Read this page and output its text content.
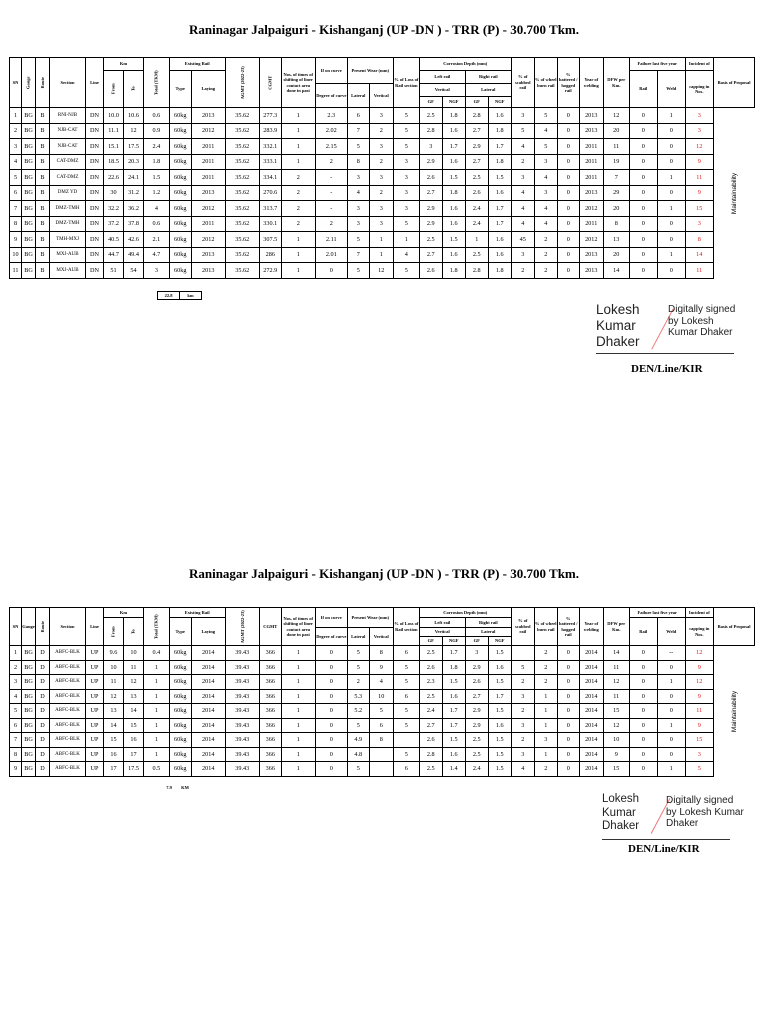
Raninagar Jalpaiguri - Kishanganj (UP -DN ) - TRR (P) - 30.700 Tkm.
SN	Gauge	Route	Section	Line	Km		Total (TKM)	Existing Rail		AGMT (2022-23)	CGMT	Nos. of times of shifting of liner contact area done in past	If on curve	Present Wear (mm)		% of Loss of Rail section	Corrosion Depth (mm)				% of scabbed rail	% of wheel burn rail	% battered / hogged rail	Year of welding	DFW per Km.	Failure last five year		Incident of	Basis of Proposal
					From	To		Type	Laying								Left rail		Right rail							Rail	Weld	capping in Nos.	
													Degree of curve	Lateral	Vertical		Vertical		Lateral										
																	GF	NGF	GF	NGF									
1	BG	B	RNI-NJB	DN	10.0	10.6	0.6	60kg	2013	35.62	277.3	1	2.3	6	3	5	2.5	1.8	2.8	1.6	3	5	0	2013	12	0	1	3	Maintainability
2	BG	B	NJB-CAT	DN	11.1	12	0.9	60kg	2012	35.62	283.9	1	2.02	7	2	5	2.8	1.6	2.7	1.8	5	4	0	2013	20	0	0	3	
3	BG	B	NJB-CAT	DN	15.1	17.5	2.4	60kg	2011	35.62	332.1	1	2.15	5	3	5	3	1.7	2.9	1.7	4	5	0	2011	11	0	0	12	
4	BG	B	CAT-DMZ	DN	18.5	20.3	1.8	60kg	2011	35.62	333.1	1	2	8	2	3	2.9	1.6	2.7	1.8	2	3	0	2011	19	0	0	9	
5	BG	B	CAT-DMZ	DN	22.6	24.1	1.5	60kg	2011	35.62	334.1	2	-	3	3	3	2.6	1.5	2.5	1.5	3	4	0	2011	7	0	1	11	
6	BG	B	DMZ YD	DN	30	31.2	1.2	60kg	2013	35.62	270.6	2	-	4	2	3	2.7	1.8	2.6	1.6	4	3	0	2013	29	0	0	9	
7	BG	B	DMZ-TMH	DN	32.2	36.2	4	60kg	2012	35.62	313.7	2	-	3	3	3	2.9	1.6	2.4	1.7	4	4	0	2012	20	0	1	15	
8	BG	B	DMZ-TMH	DN	37.2	37.8	0.6	60kg	2011	35.62	330.1	2	2	3	3	5	2.9	1.6	2.4	1.7	4	4	0	2011	8	0	0	3	
9	BG	B	TMH-MXJ	DN	40.5	42.6	2.1	60kg	2012	35.62	307.5	1	2.11	5	1	1	2.5	1.5	1	1.6	45	2	0	2012	13	0	0	8	
10	BG	B	MXJ-AUB	DN	44.7	49.4	4.7	60kg	2013	35.62	286	1	2.01	7	1	4	2.7	1.6	2.5	1.6	3	2	0	2013	20	0	1	14	
11	BG	B	MXJ-AUB	DN	51	54	3	60kg	2013	35.62	272.9	1	0	5	12	5	2.6	1.8	2.8	1.8	2	2	0	2013	14	0	0	11	
22.8	km
Lokesh
Kumar
Dhaker
Digitally signed by Lokesh Kumar Dhaker
DEN/Line/KIR
Raninagar Jalpaiguri - Kishanganj (UP -DN ) - TRR (P) - 30.700 Tkm.
SN	Gauge	Route	Section	Line	Km		Total (TKM)	Existing Rail		AGMT (2022-23)	CGMT	Nos. of times of shifting of liner contact area done in past	If on curve	Present Wear (mm)		% of Loss of Rail section	Corrosion Depth (mm)				% of scabbed rail	% of wheel burn rail	% battered / hogged rail	Year of welding	DFW per Km.	Failure last five year		Incident of	Basis of Proposal
					From	To		Type	Laying								Left rail		Right rail							Rail	Weld	capping in Nos.	
													Degree of curve	Lateral	Vertical		Vertical		Lateral										
																	GF	NGF	GF	NGF									
1	BG	D	ABFC-BLK	UP	9.6	10	0.4	60kg	2014	39.43	366	1	0	5	8	6	2.5	1.7	3	1.5		2	0	2014	14	0	--	12	Maintainability
2	BG	D	ABFC-BLK	UP	10	11	1	60kg	2014	39.43	366	1	0	5	9	5	2.6	1.8	2.9	1.6	5	2	0	2014	11	0	0	9	
3	BG	D	ABFC-BLK	UP	11	12	1	60kg	2014	39.43	366	1	0	2	4	5	2.3	1.5	2.6	1.5	2	2	0	2014	12	0	1	12	
4	BG	D	ABFC-BLK	UP	12	13	1	60kg	2014	39.43	366	1	0	5.3	10	6	2.5	1.6	2.7	1.7	3	1	0	2014	11	0	0	9	
5	BG	D	ABFC-BLK	UP	13	14	1	60kg	2014	39.43	366	1	0	5.2	5	5	2.4	1.7	2.9	1.5	2	1	0	2014	15	0	0	11	
6	BG	D	ABFC-BLK	UP	14	15	1	60kg	2014	39.43	366	1	0	5	6	5	2.7	1.7	2.9	1.6	3	1	0	2014	12	0	1	9	
7	BG	D	ABFC-BLK	UP	15	16	1	60kg	2014	39.43	366	1	0	4.9	8		2.6	1.5	2.5	1.5	2	3	0	2014	10	0	0	15	
8	BG	D	ABFC-BLK	UP	16	17	1	60kg	2014	39.43	366	1	0	4.8		5	2.8	1.6	2.5	1.5	3	1	0	2014	9	0	0	3	
9	BG	D	ABFC-BLK	UP	17	17.5	0.5	60kg	2014	39.43	366	1	0	5		6	2.5	1.4	2.4	1.5	4	2	0	2014	15	0	1	5	
7.9 KM
Lokesh
Kumar
Dhaker
Digitally signed by Lokesh Kumar Dhaker
DEN/Line/KIR
